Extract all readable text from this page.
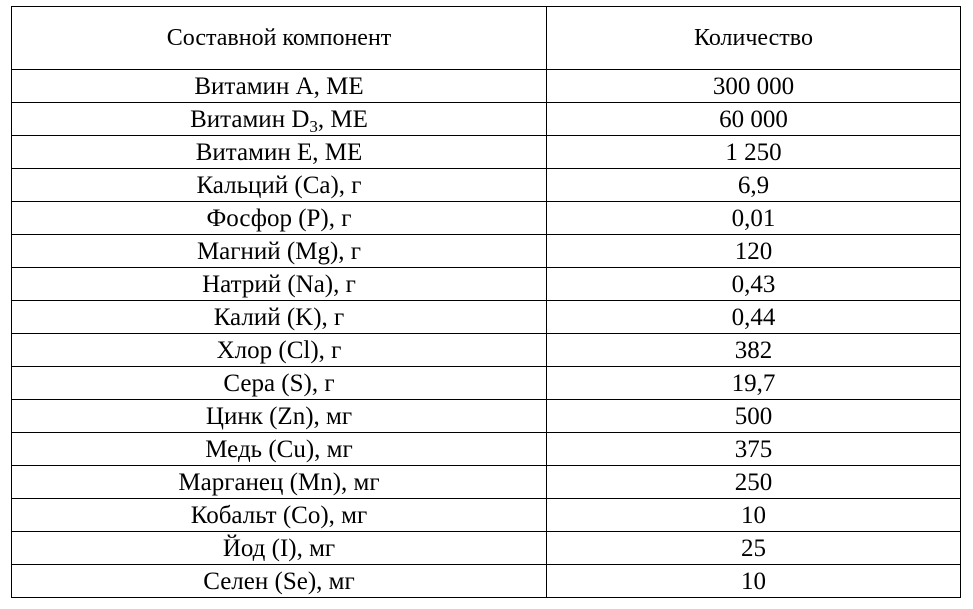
Составной компонент	Количество
Витамин А, МЕ	300 000
Витамин $D_3$, МЕ	60 000
Витамин Е, МЕ	1 250
Кальций (Са), г	6,9
Фосфор (Р), г	0,01
Магний (Mg), г	120
Натрий (Na), г	0,43
Калий (K), г	0,44
Хлор (Cl), г	382
Сера (S), г	19,7
Цинк (Zn), мг	500
Медь (Cu), мг	375
Марганец (Mn), мг	250
Кобальт (Co), мг	10
Йод (I), мг	25
Селен (Se), мг	10
